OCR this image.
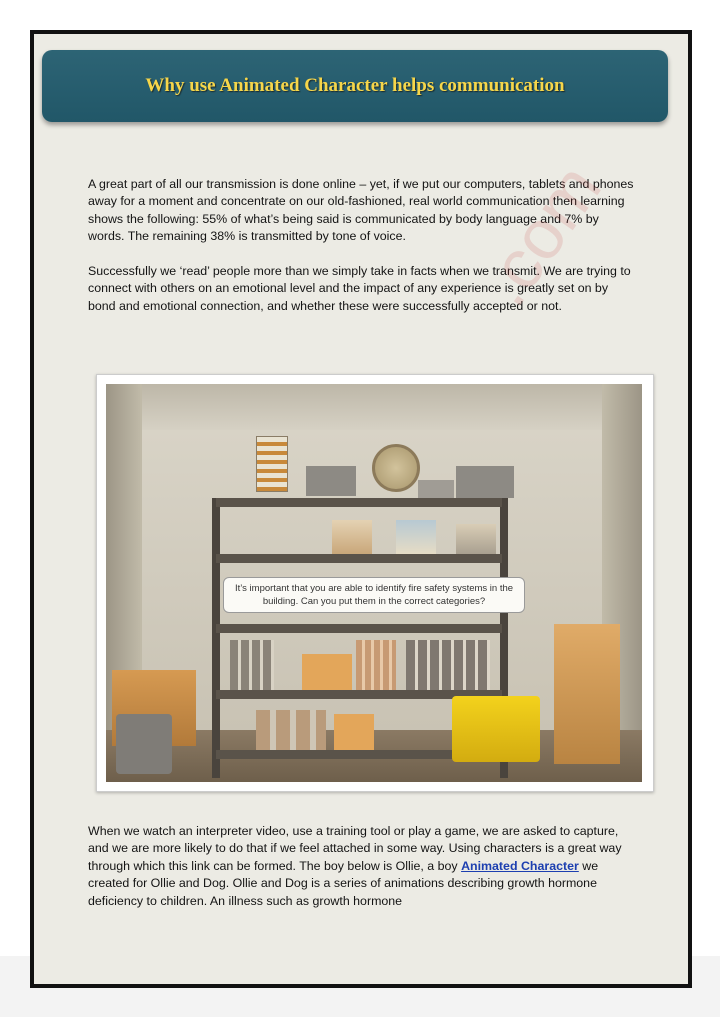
Why use Animated Character helps communication

A great part of all our transmission is done online – yet, if we put our computers, tablets and phones away for a moment and concentrate on our old-fashioned, real world communication then learning shows the following: 55% of what’s being said is communicated by body language and 7% by words. The remaining 38% is transmitted by tone of voice.

Successfully we ‘read’ people more than we simply take in facts when we transmit. We are trying to connect with others on an emotional level and the impact of any experience is greatly set on by bond and emotional connection, and whether these were successfully accepted or not.

.com
It’s important that you are able to identify fire safety systems in the building. Can you put them in the correct categories?

When we watch an interpreter video, use a training tool or play a game, we are asked to capture, and we are more likely to do that if we feel attached in some way. Using characters is a great way through which this link can be formed. The boy below is Ollie, a boy Animated Character we created for Ollie and Dog. Ollie and Dog is a series of animations describing growth hormone deficiency to children. An illness such as growth hormone
